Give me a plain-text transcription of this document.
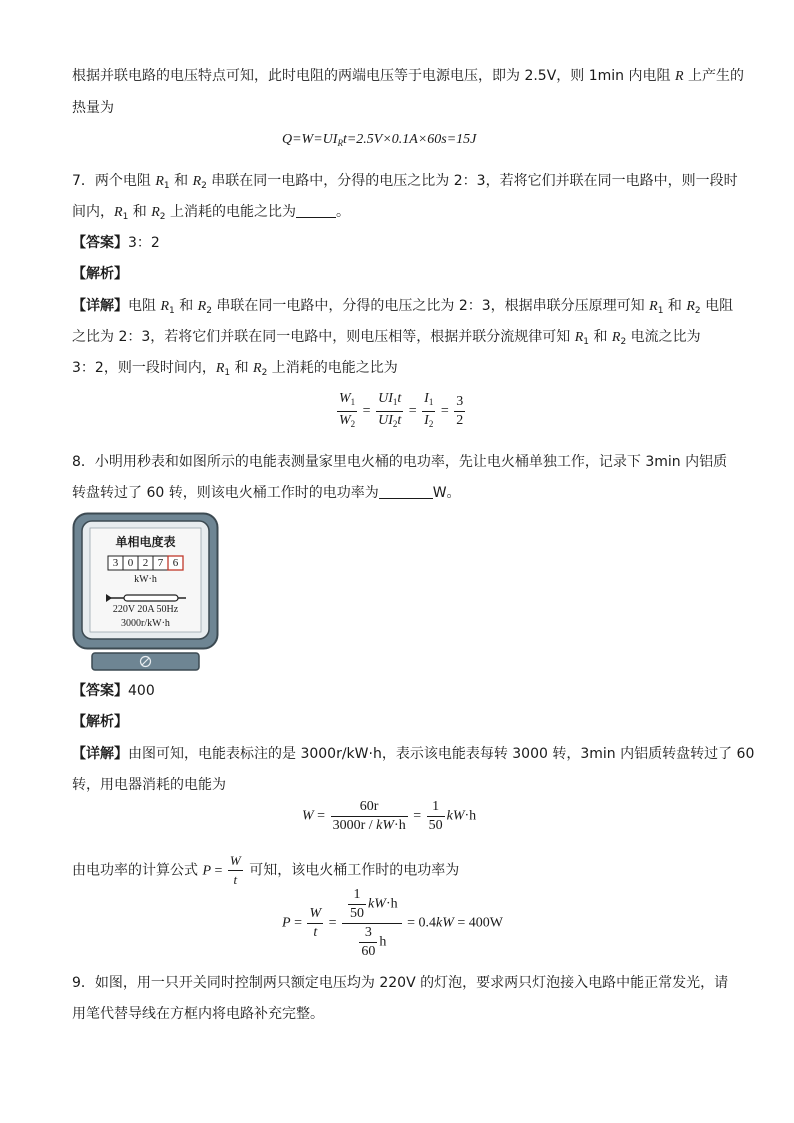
根据并联电路的电压特点可知，此时电阻的两端电压等于电源电压，即为 2.5V，则 1min 内电阻 R 上产生的
热量为
$Q=W=UI_Rt=2.5V\times 0.1A\times 60s=15J$
7．两个电阻 $R_1$ 和 $R_2$ 串联在同一电路中，分得的电压之比为 2：3，若将它们并联在同一电路中，则一段时
间内，$R_1$ 和 $R_2$ 上消耗的电能之比为	。
【答案】3：2
【解析】
【详解】电阻 $R_1$ 和 $R_2$ 串联在同一电路中，分得的电压之比为 2：3，根据串联分压原理可知 $R_1$ 和 $R_2$ 电阻
之比为 2：3，若将它们并联在同一电路中，则电压相等，根据并联分流规律可知 $R_1$ 和 $R_2$ 电流之比为
3：2，则一段时间内，$R_1$ 和 $R_2$ 上消耗的电能之比为
$\frac{W_1}{W_2} = \frac{UI_1t}{UI_2t} = \frac{I_1}{I_2} = \frac{3}{2}$
8．小明用秒表和如图所示的电能表测量家里电火桶的电功率，先让电火桶单独工作，记录下 3min 内铝质
转盘转过了 60 转，则该电火桶工作时的电功率为	W。
单相电度表
3 0 2 7 6
kW·h
220V 20A 50Hz
3000r/kW·h
【答案】400
【解析】
【详解】由图可知，电能表标注的是 3000r/kW·h，表示该电能表每转 3000 转，3min 内铝质转盘转过了 60
转，用电器消耗的电能为
$W = \frac{60r}{3000r / kW\cdot h} = \frac{1}{50} kW\cdot h$
由电功率的计算公式 $P = \frac{W}{t}$ 可知，该电火桶工作时的电功率为
$P = \frac{W}{t} = \frac{\frac{1}{50} kW\cdot h}{\frac{3}{60} h} = 0.4kW = 400W$
9．如图，用一只开关同时控制两只额定电压均为 220V 的灯泡，要求两只灯泡接入电路中能正常发光，请
用笔代替导线在方框内将电路补充完整。
